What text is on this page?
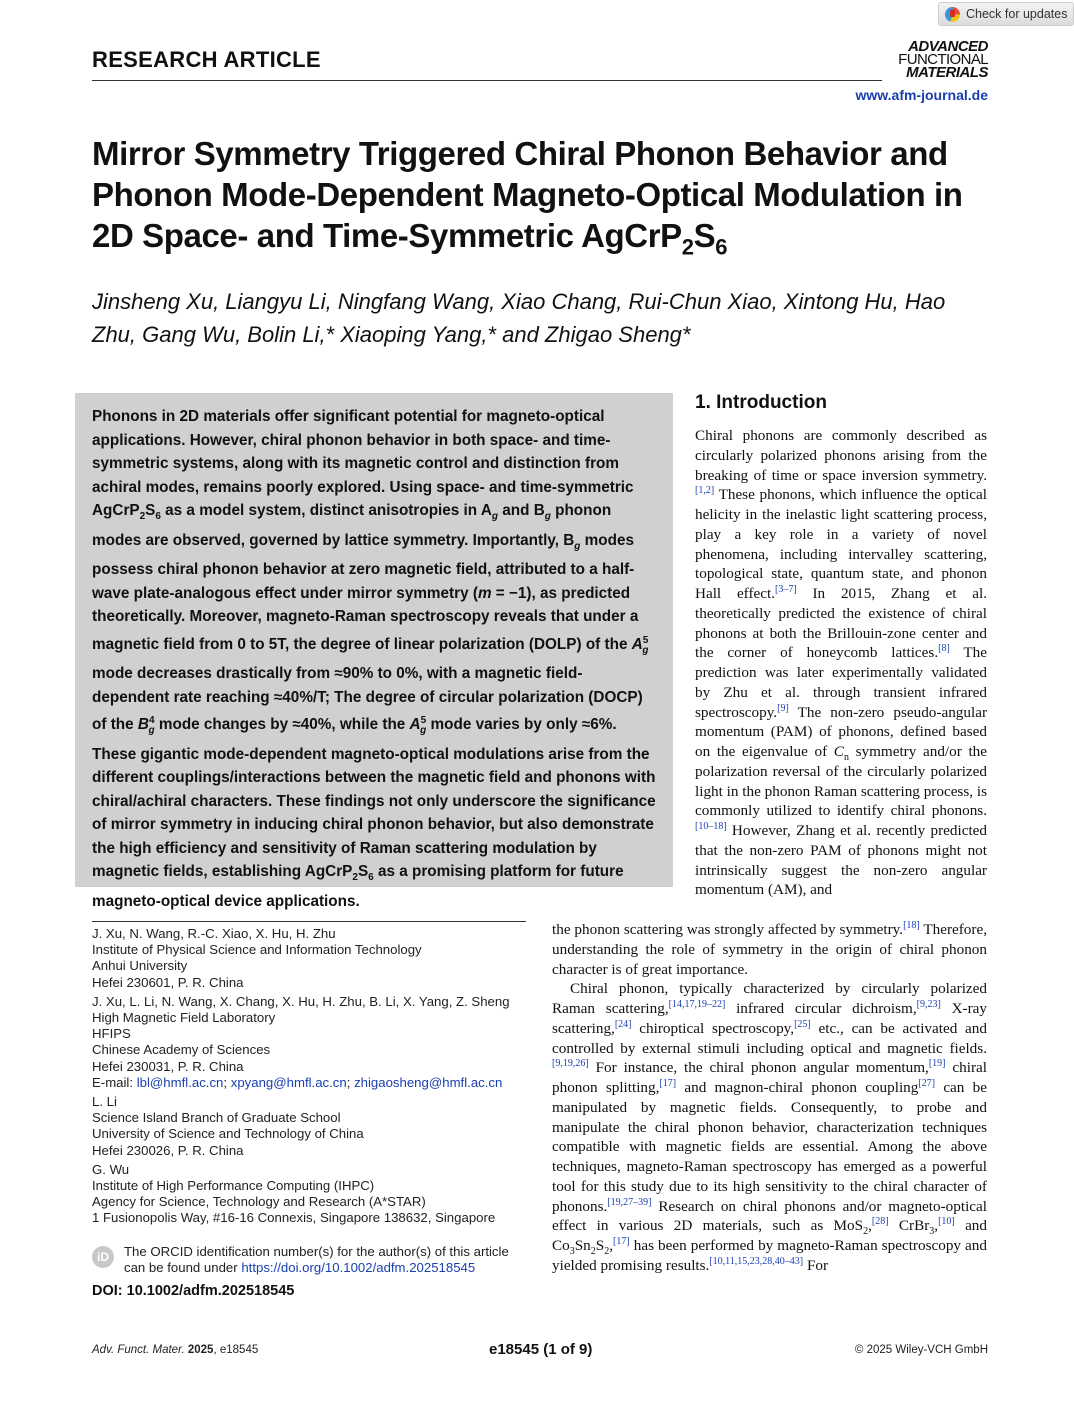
Check for updates
RESEARCH ARTICLE
ADVANCED
FUNCTIONAL
MATERIALS
www.afm-journal.de
Mirror Symmetry Triggered Chiral Phonon Behavior and Phonon Mode-Dependent Magneto-Optical Modulation in 2D Space- and Time-Symmetric $AgCrP_2S_6$
Jinsheng Xu, Liangyu Li, Ningfang Wang, Xiao Chang, Rui-Chun Xiao, Xintong Hu, Hao Zhu, Gang Wu, Bolin Li,* Xiaoping Yang,* and Zhigao Sheng*

Phonons in 2D materials offer significant potential for magneto-optical applications. However, chiral phonon behavior in both space- and time-symmetric systems, along with its magnetic control and distinction from achiral modes, remains poorly explored. Using space- and time-symmetric $AgCrP_2S_6$ as a model system, distinct anisotropies in $A_g$ and $B_g$ phonon modes are observed, governed by lattice symmetry. Importantly, $B_g$ modes possess chiral phonon behavior at zero magnetic field, attributed to a half-wave plate-analogous effect under mirror symmetry (m = −1), as predicted theoretically. Moreover, magneto-Raman spectroscopy reveals that under a magnetic field from 0 to 5T, the degree of linear polarization (DOLP) of the $A^5_g$ mode decreases drastically from ≈90% to 0%, with a magnetic field-dependent rate reaching ≈40%/T; The degree of circular polarization (DOCP) of the $B^4_g$ mode changes by ≈40%, while the $A^5_g$ mode varies by only ≈6%. These gigantic mode-dependent magneto-optical modulations arise from the different couplings/interactions between the magnetic field and phonons with chiral/achiral characters. These findings not only underscore the significance of mirror symmetry in inducing chiral phonon behavior, but also demonstrate the high efficiency and sensitivity of Raman scattering modulation by magnetic fields, establishing $AgCrP_2S_6$ as a promising platform for future magneto-optical device applications.

1. Introduction

Chiral phonons are commonly described as circularly polarized phonons arising from the breaking of time or space inversion symmetry.[1,2] These phonons, which influence the optical helicity in the inelastic light scattering process, play a key role in a variety of novel phenomena, including intervalley scattering, topological state, quantum state, and phonon Hall effect.[3–7] In 2015, Zhang et al. theoretically predicted the existence of chiral phonons at both the Brillouin-zone center and the corner of honeycomb lattices.[8] The prediction was later experimentally validated by Zhu et al. through transient infrared spectroscopy.[9] The non-zero pseudo-angular momentum (PAM) of phonons, defined based on the eigenvalue of $C_n$ symmetry and/or the polarization reversal of the circularly polarized light in the phonon Raman scattering process, is commonly utilized to identify chiral phonons.[10–18] However, Zhang et al. recently predicted that the non-zero PAM of phonons might not intrinsically suggest the non-zero angular momentum (AM), and

the phonon scattering was strongly affected by symmetry.[18] Therefore, understanding the role of symmetry in the origin of chiral phonon character is of great importance.

Chiral phonon, typically characterized by circularly polarized Raman scattering,[14,17,19–22] infrared circular dichroism,[9,23] X-ray scattering,[24] chiroptical spectroscopy,[25] etc., can be activated and controlled by external stimuli including optical and magnetic fields.[9,19,26] For instance, the chiral phonon angular momentum,[19] chiral phonon splitting,[17] and magnon-chiral phonon coupling[27] can be manipulated by magnetic fields. Consequently, to probe and manipulate the chiral phonon behavior, characterization techniques compatible with magnetic fields are essential. Among the above techniques, magneto-Raman spectroscopy has emerged as a powerful tool for this study due to its high sensitivity to the chiral character of phonons.[19,27–39] Research on chiral phonons and/or magneto-optical effect in various 2D materials, such as MoS$_2$,[28] CrBr$_3$,[10] and $Co_3Sn_2S_2,[17]$ has been performed by magneto-Raman spectroscopy and yielded promising results.[10,11,15,23,28,40–43] For

J. Xu, N. Wang, R.-C. Xiao, X. Hu, H. Zhu
Institute of Physical Science and Information Technology
Anhui University
Hefei 230601, P. R. China
J. Xu, L. Li, N. Wang, X. Chang, X. Hu, H. Zhu, B. Li, X. Yang, Z. Sheng
High Magnetic Field Laboratory
HFIPS
Chinese Academy of Sciences
Hefei 230031, P. R. China
E-mail: lbl@hmfl.ac.cn; xpyang@hmfl.ac.cn; zhigaosheng@hmfl.ac.cn
L. Li
Science Island Branch of Graduate School
University of Science and Technology of China
Hefei 230026, P. R. China
G. Wu
Institute of High Performance Computing (IHPC)
Agency for Science, Technology and Research (A*STAR)
1 Fusionopolis Way, #16-16 Connexis, Singapore 138632, Singapore
iD	The ORCID identification number(s) for the author(s) of this article can be found under https://doi.org/10.1002/adfm.202518545
DOI: 10.1002/adfm.202518545
Adv. Funct. Mater. 2025, e18545	e18545 (1 of 9)	© 2025 Wiley-VCH GmbH
